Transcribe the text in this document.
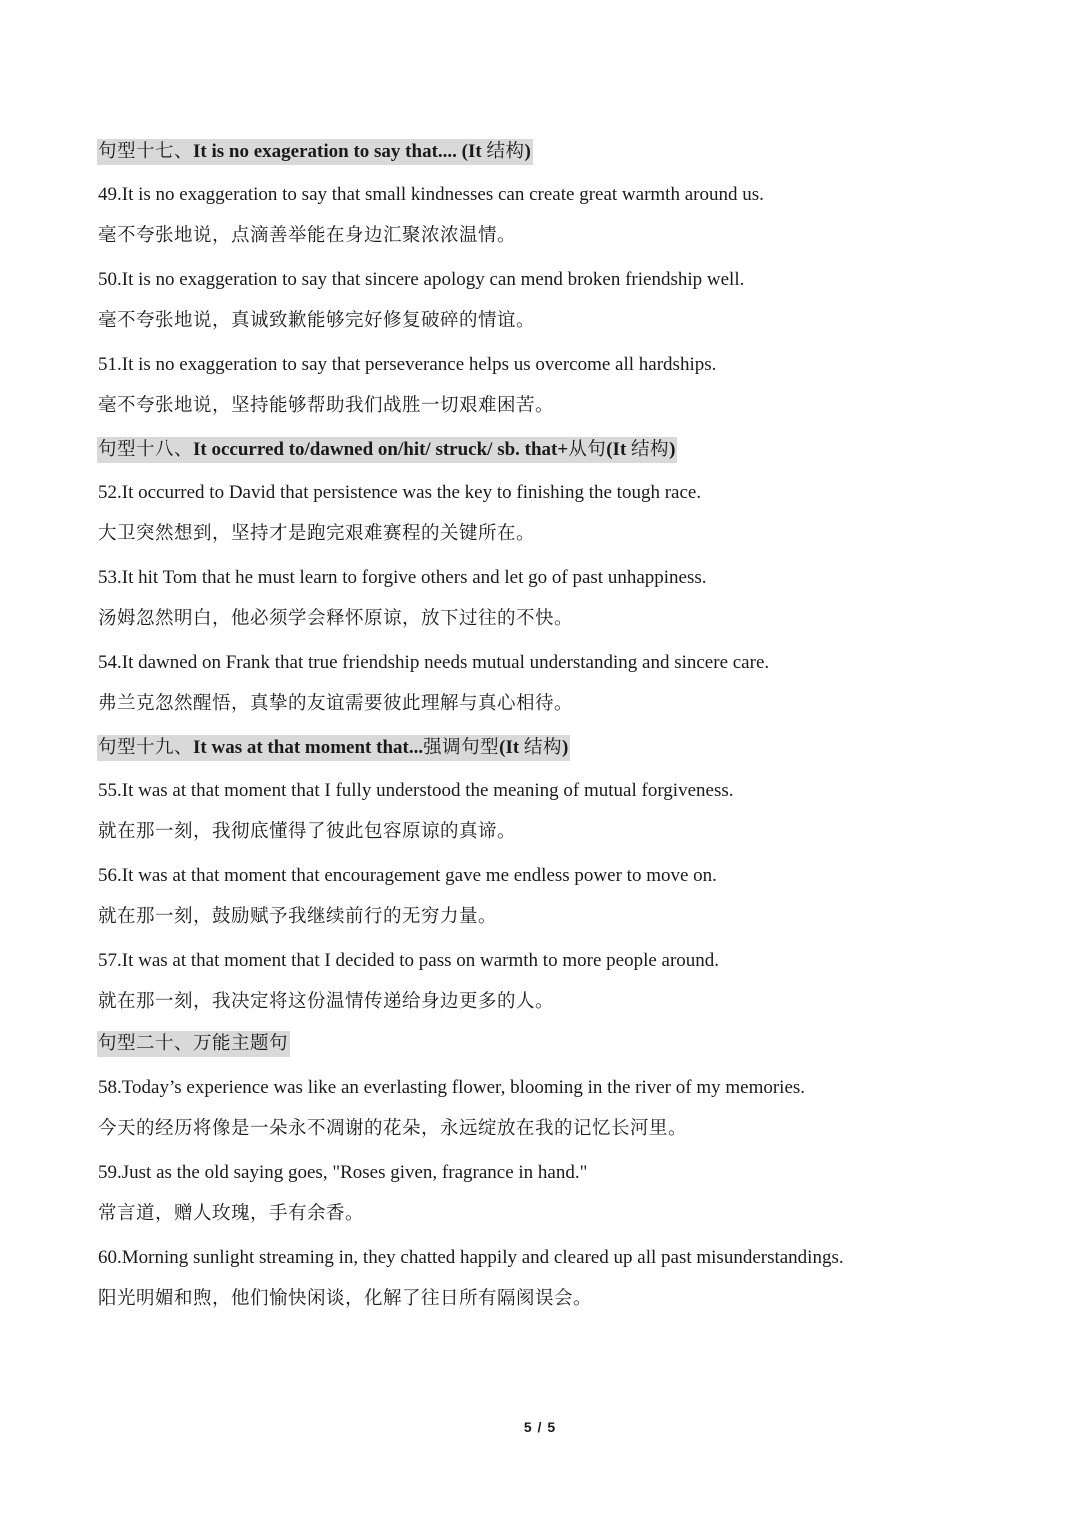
句型十七、It is no exageration to say that.... (It 结构)
49.It is no exaggeration to say that small kindnesses can create great warmth around us.
毫不夸张地说，点滴善举能在身边汇聚浓浓温情。
50.It is no exaggeration to say that sincere apology can mend broken friendship well.
毫不夸张地说，真诚致歉能够完好修复破碎的情谊。
51.It is no exaggeration to say that perseverance helps us overcome all hardships.
毫不夸张地说，坚持能够帮助我们战胜一切艰难困苦。
句型十八、It occurred to/dawned on/hit/ struck/ sb. that+从句(It 结构)
52.It occurred to David that persistence was the key to finishing the tough race.
大卫突然想到，坚持才是跑完艰难赛程的关键所在。
53.It hit Tom that he must learn to forgive others and let go of past unhappiness.
汤姆忽然明白，他必须学会释怀原谅，放下过往的不快。
54.It dawned on Frank that true friendship needs mutual understanding and sincere care.
弗兰克忽然醒悟，真挚的友谊需要彼此理解与真心相待。
句型十九、It was at that moment that...强调句型(It 结构)
55.It was at that moment that I fully understood the meaning of mutual forgiveness.
就在那一刻，我彻底懂得了彼此包容原谅的真谛。
56.It was at that moment that encouragement gave me endless power to move on.
就在那一刻，鼓励赋予我继续前行的无穷力量。
57.It was at that moment that I decided to pass on warmth to more people around.
就在那一刻，我决定将这份温情传递给身边更多的人。
句型二十、万能主题句
58.Today’s experience was like an everlasting flower, blooming in the river of my memories.
今天的经历将像是一朵永不凋谢的花朵，永远绽放在我的记忆长河里。
59.Just as the old saying goes, "Roses given, fragrance in hand."
常言道，赠人玫瑰，手有余香。
60.Morning sunlight streaming in, they chatted happily and cleared up all past misunderstandings.
阳光明媚和煦，他们愉快闲谈，化解了往日所有隔阂误会。
5 / 5
